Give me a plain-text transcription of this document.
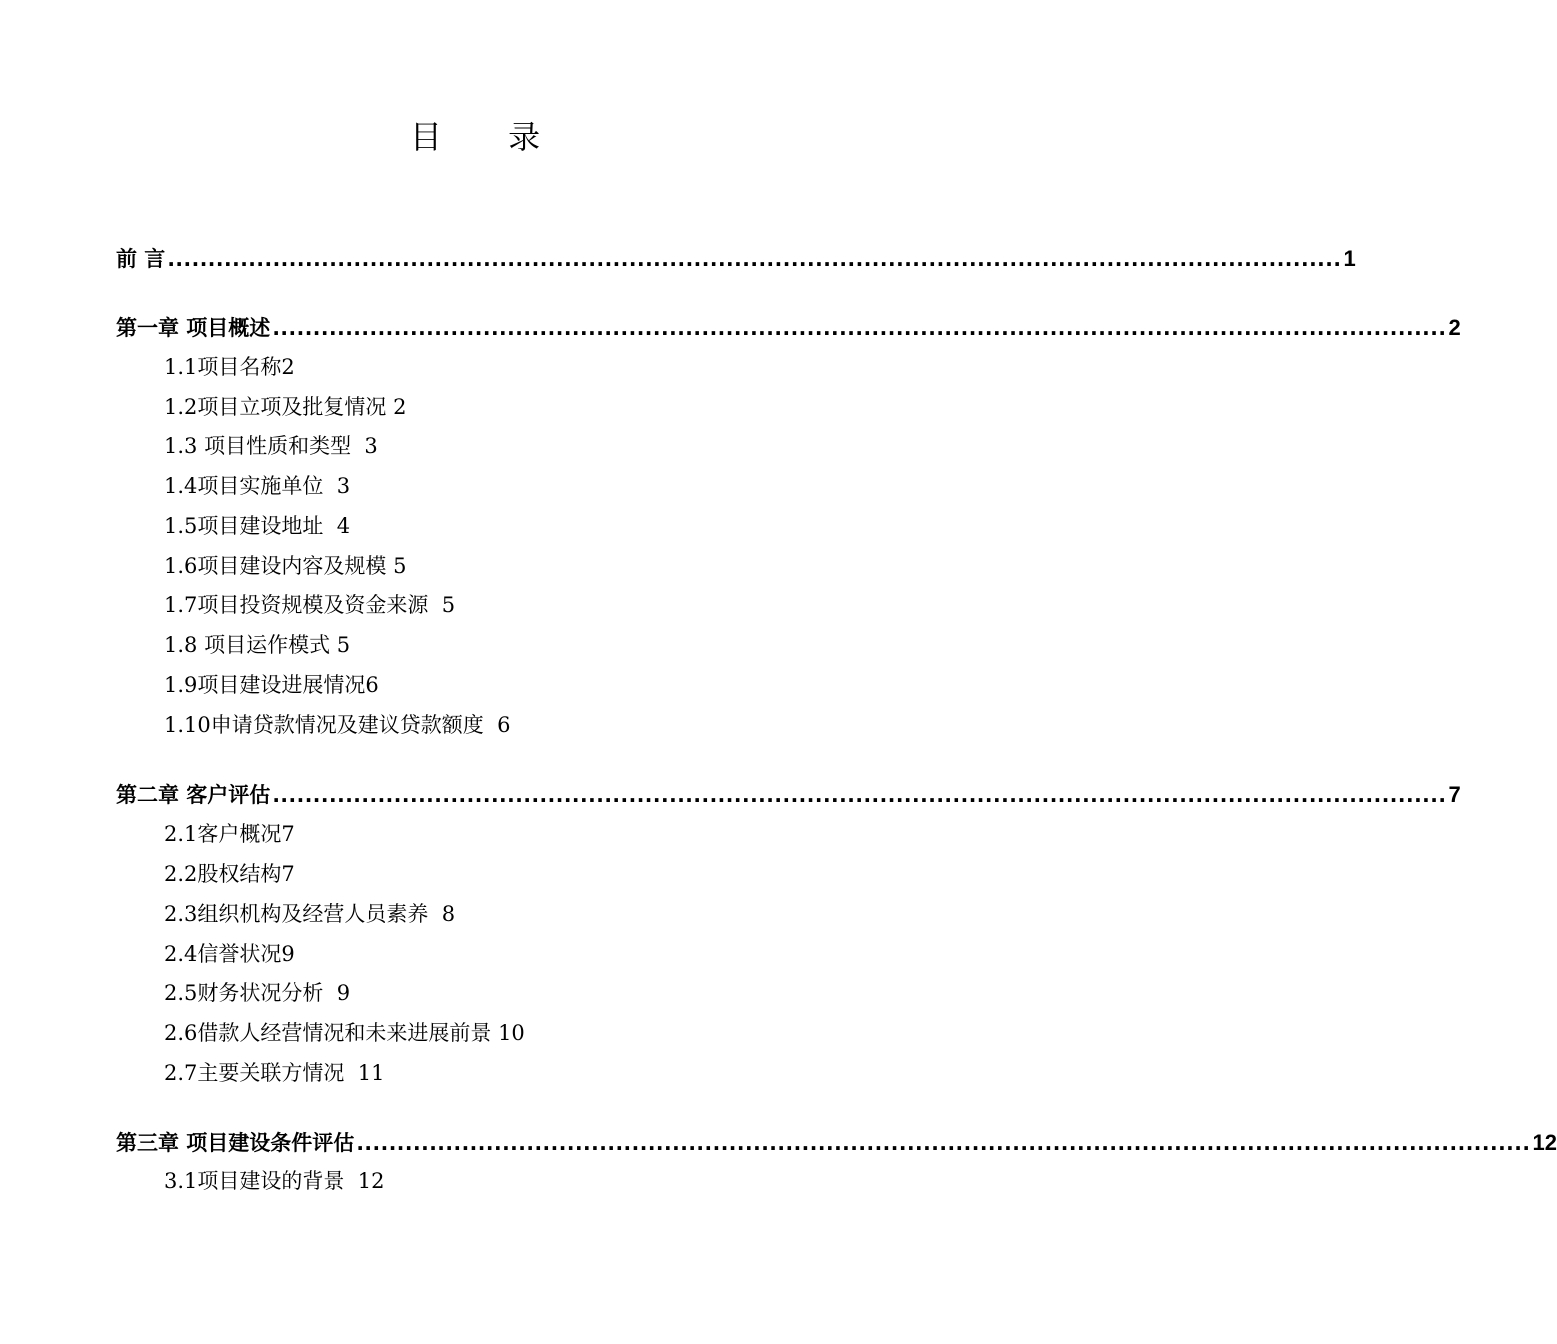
目 录
前 言 ................................................................................................................................................. 1
第一章 项目概述 ................................................................................................................................................. 2
1.1项目名称2
1.2项目立项及批复情况 2
1.3 项目性质和类型  3
1.4项目实施单位  3
1.5项目建设地址  4
1.6项目建设内容及规模 5
1.7项目投资规模及资金来源  5
1.8 项目运作模式 5
1.9项目建设进展情况6
1.10申请贷款情况及建议贷款额度  6
第二章 客户评估 ................................................................................................................................................. 7
2.1客户概况7
2.2股权结构7
2.3组织机构及经营人员素养  8
2.4信誉状况9
2.5财务状况分析  9
2.6借款人经营情况和未来进展前景 10
2.7主要关联方情况  11
第三章 项目建设条件评估 ................................................................................................................................................. 12
3.1项目建设的背景  12
